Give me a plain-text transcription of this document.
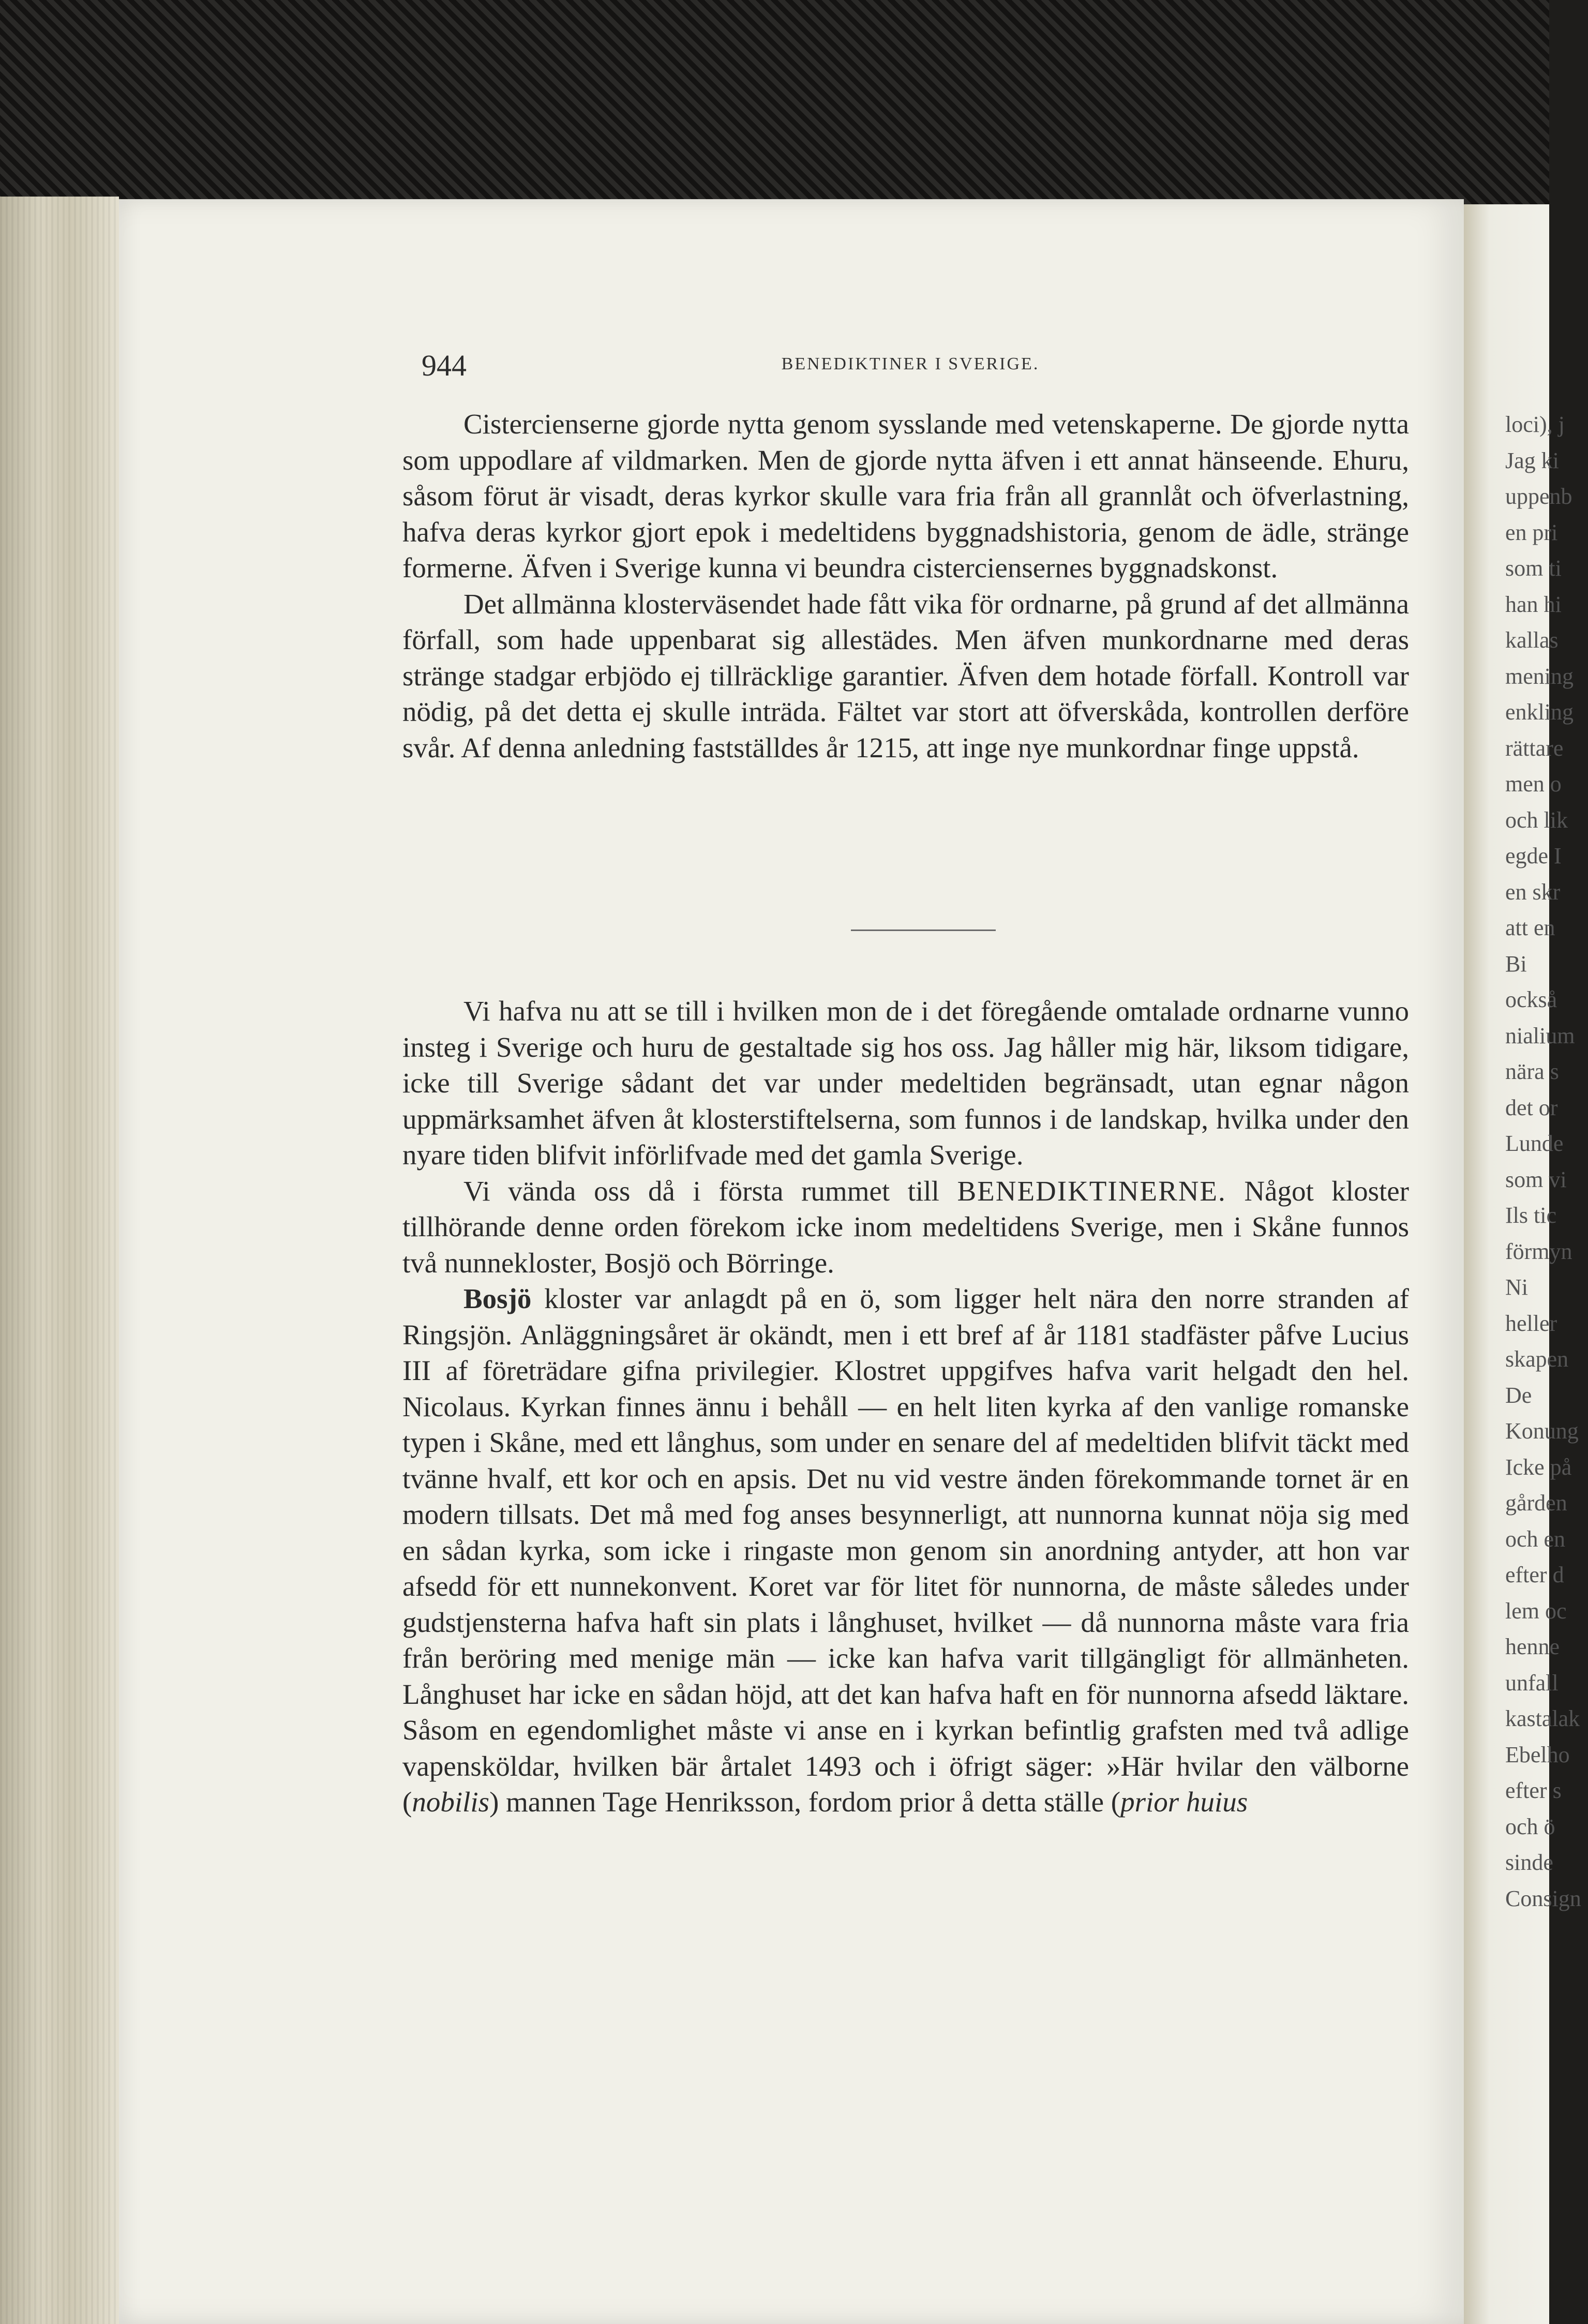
loci), j
Jag ki
uppenb
en pri
som ti
han hi
kallas
mening
enkling
rättare
men o
och lik
egde I
en skr
att en
Bi
också
nialium
nära s
det or
Lunde
som vi
Ils tic
förmyn
Ni
heller
skapen
De
Konung
Icke på
gården
och en
efter d
lem oc
henne
unfall
kastalak
Ebelho
efter s
och ö
sinde
Consign
944	BENEDIKTINER I SVERIGE.

Cistercienserne gjorde nytta genom sysslande med vetenskaperne. De gjorde nytta som uppodlare af vildmarken. Men de gjorde nytta äfven i ett annat hänseende. Ehuru, såsom förut är visadt, deras kyrkor skulle vara fria från all grannlåt och öfverlastning, hafva deras kyrkor gjort epok i medeltidens byggnadshistoria, genom de ädle, stränge formerne. Äfven i Sverige kunna vi beundra cisterciensernes byggnadskonst.

Det allmänna klosterväsendet hade fått vika för ordnarne, på grund af det allmänna förfall, som hade uppenbarat sig allestädes. Men äfven munkordnarne med deras stränge stadgar erbjödo ej tillräcklige garantier. Äfven dem hotade förfall. Kontroll var nödig, på det detta ej skulle inträda. Fältet var stort att öfverskåda, kontrollen derföre svår. Af denna anledning fastställdes år 1215, att inge nye munkordnar finge uppstå.

Vi hafva nu att se till i hvilken mon de i det föregående omtalade ordnarne vunno insteg i Sverige och huru de gestaltade sig hos oss. Jag håller mig här, liksom tidigare, icke till Sverige sådant det var under medeltiden begränsadt, utan egnar någon uppmärksamhet äfven åt klosterstiftelserna, som funnos i de landskap, hvilka under den nyare tiden blifvit införlifvade med det gamla Sverige.

Vi vända oss då i första rummet till BENEDIKTINERNE. Något kloster tillhörande denne orden förekom icke inom medeltidens Sverige, men i Skåne funnos två nunnekloster, Bosjö och Börringe.

Bosjö kloster var anlagdt på en ö, som ligger helt nära den norre stranden af Ringsjön. Anläggningsåret är okändt, men i ett bref af år 1181 stadfäster påfve Lucius III af företrädare gifna privilegier. Klostret uppgifves hafva varit helgadt den hel. Nicolaus. Kyrkan finnes ännu i behåll — en helt liten kyrka af den vanlige romanske typen i Skåne, med ett långhus, som under en senare del af medeltiden blifvit täckt med tvänne hvalf, ett kor och en apsis. Det nu vid vestre änden förekommande tornet är en modern tillsats. Det må med fog anses besynnerligt, att nunnorna kunnat nöja sig med en sådan kyrka, som icke i ringaste mon genom sin anordning antyder, att hon var afsedd för ett nunnekonvent. Koret var för litet för nunnorna, de måste således under gudstjensterna hafva haft sin plats i långhuset, hvilket — då nunnorna måste vara fria från beröring med menige män — icke kan hafva varit tillgängligt för allmänheten. Långhuset har icke en sådan höjd, att det kan hafva haft en för nunnorna afsedd läktare. Såsom en egendomlighet måste vi anse en i kyrkan befintlig grafsten med två adlige vapensköldar, hvilken bär årtalet 1493 och i öfrigt säger: »Här hvilar den välborne (nobilis) mannen Tage Henriksson, fordom prior å detta ställe (prior huius
